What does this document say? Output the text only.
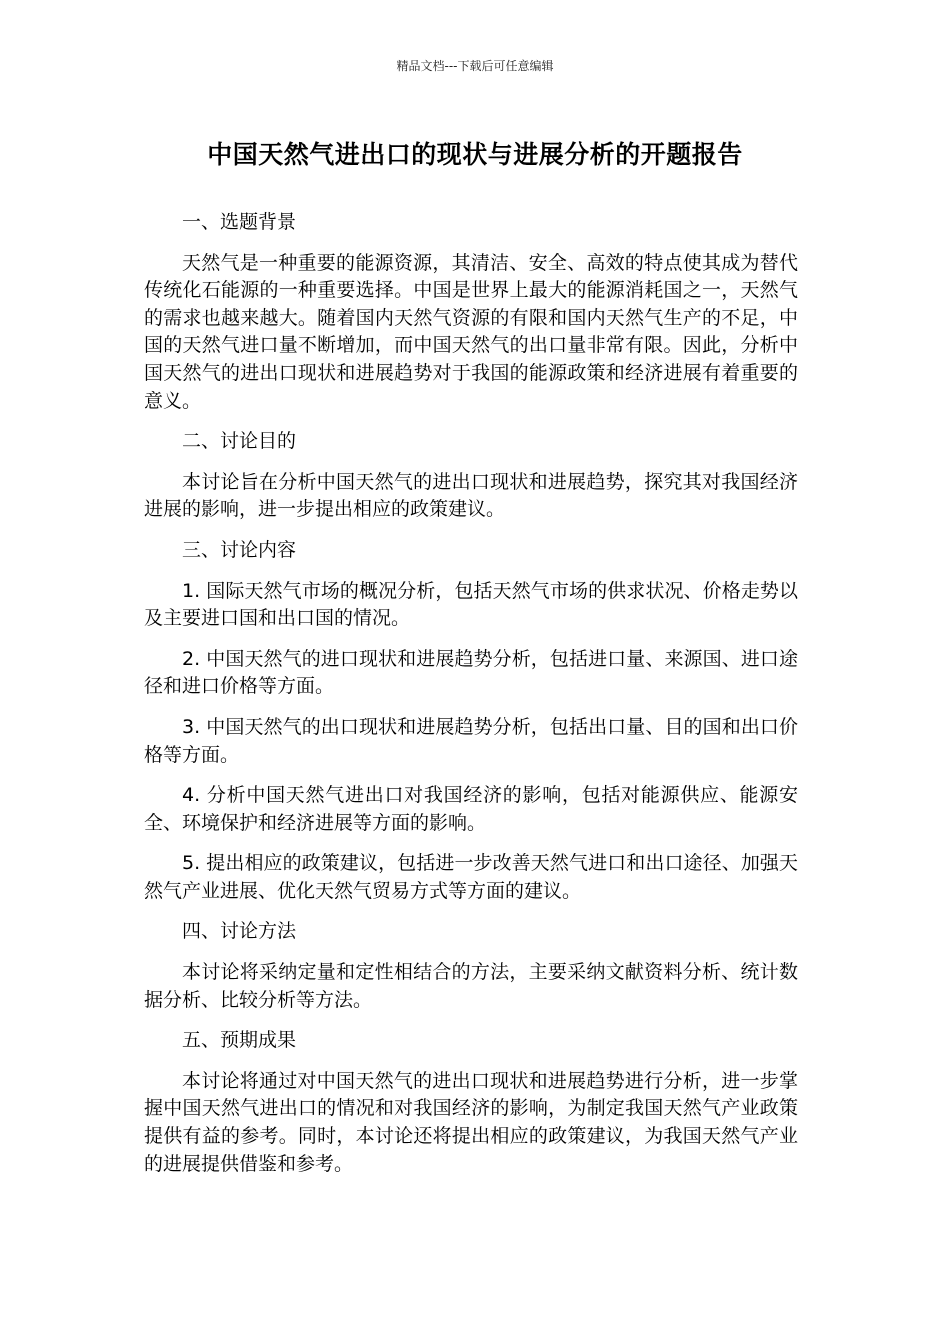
精品文档---下载后可任意编辑
中国天然气进出口的现状与进展分析的开题报告
一、选题背景
天然气是一种重要的能源资源，其清洁、安全、高效的特点使其成为替代传统化石能源的一种重要选择。中国是世界上最大的能源消耗国之一，天然气的需求也越来越大。随着国内天然气资源的有限和国内天然气生产的不足，中国的天然气进口量不断增加，而中国天然气的出口量非常有限。因此，分析中国天然气的进出口现状和进展趋势对于我国的能源政策和经济进展有着重要的意义。
二、讨论目的
本讨论旨在分析中国天然气的进出口现状和进展趋势，探究其对我国经济进展的影响，进一步提出相应的政策建议。
三、讨论内容
1. 国际天然气市场的概况分析，包括天然气市场的供求状况、价格走势以及主要进口国和出口国的情况。
2. 中国天然气的进口现状和进展趋势分析，包括进口量、来源国、进口途径和进口价格等方面。
3. 中国天然气的出口现状和进展趋势分析，包括出口量、目的国和出口价格等方面。
4. 分析中国天然气进出口对我国经济的影响，包括对能源供应、能源安全、环境保护和经济进展等方面的影响。
5. 提出相应的政策建议，包括进一步改善天然气进口和出口途径、加强天然气产业进展、优化天然气贸易方式等方面的建议。
四、讨论方法
本讨论将采纳定量和定性相结合的方法，主要采纳文献资料分析、统计数据分析、比较分析等方法。
五、预期成果
本讨论将通过对中国天然气的进出口现状和进展趋势进行分析，进一步掌握中国天然气进出口的情况和对我国经济的影响，为制定我国天然气产业政策提供有益的参考。同时，本讨论还将提出相应的政策建议，为我国天然气产业的进展提供借鉴和参考。
